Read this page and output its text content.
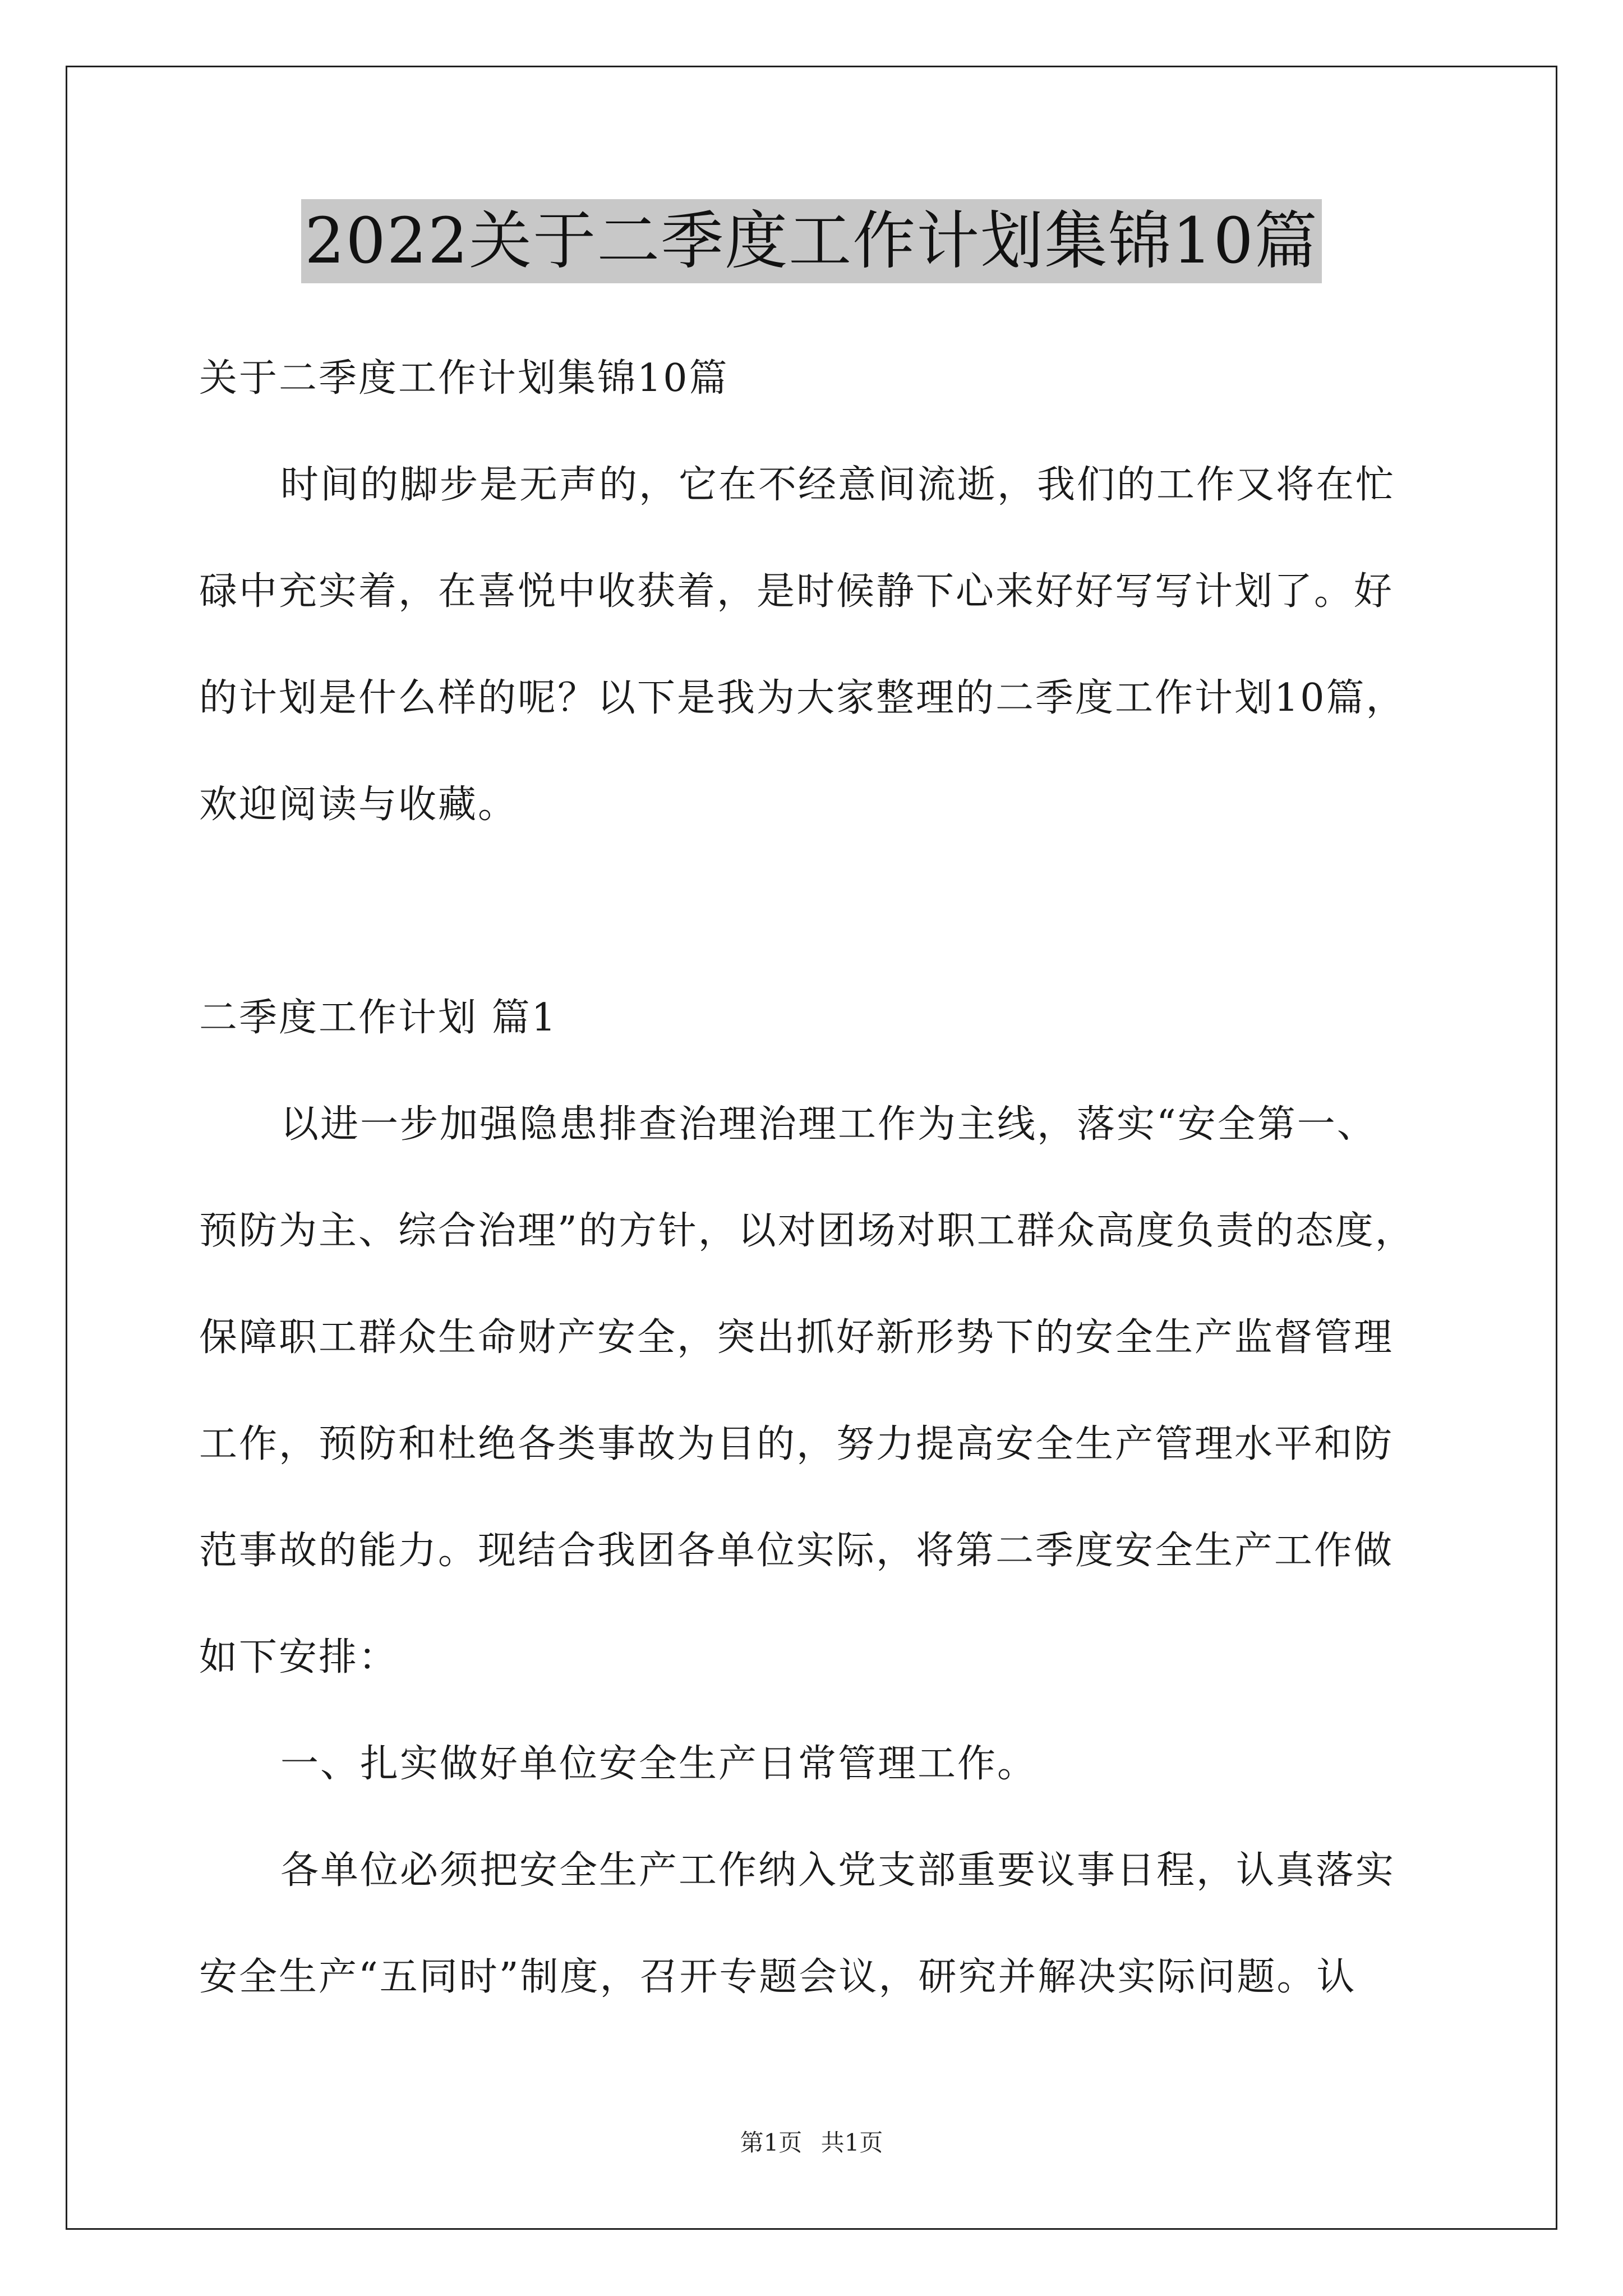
2022关于二季度工作计划集锦10篇
关于二季度工作计划集锦10篇
时间的脚步是无声的，它在不经意间流逝，我们的工作又将在忙
碌中充实着，在喜悦中收获着，是时候静下心来好好写写计划了。好
的计划是什么样的呢？以下是我为大家整理的二季度工作计划10篇，
欢迎阅读与收藏。
二季度工作计划 篇1
以进一步加强隐患排查治理治理工作为主线，落实“安全第一、
预防为主、综合治理”的方针，以对团场对职工群众高度负责的态度，
保障职工群众生命财产安全，突出抓好新形势下的安全生产监督管理
工作，预防和杜绝各类事故为目的，努力提高安全生产管理水平和防
范事故的能力。现结合我团各单位实际，将第二季度安全生产工作做
如下安排：
一、扎实做好单位安全生产日常管理工作。
各单位必须把安全生产工作纳入党支部重要议事日程，认真落实
安全生产“五同时”制度，召开专题会议，研究并解决实际问题。认
第1页 共1页
